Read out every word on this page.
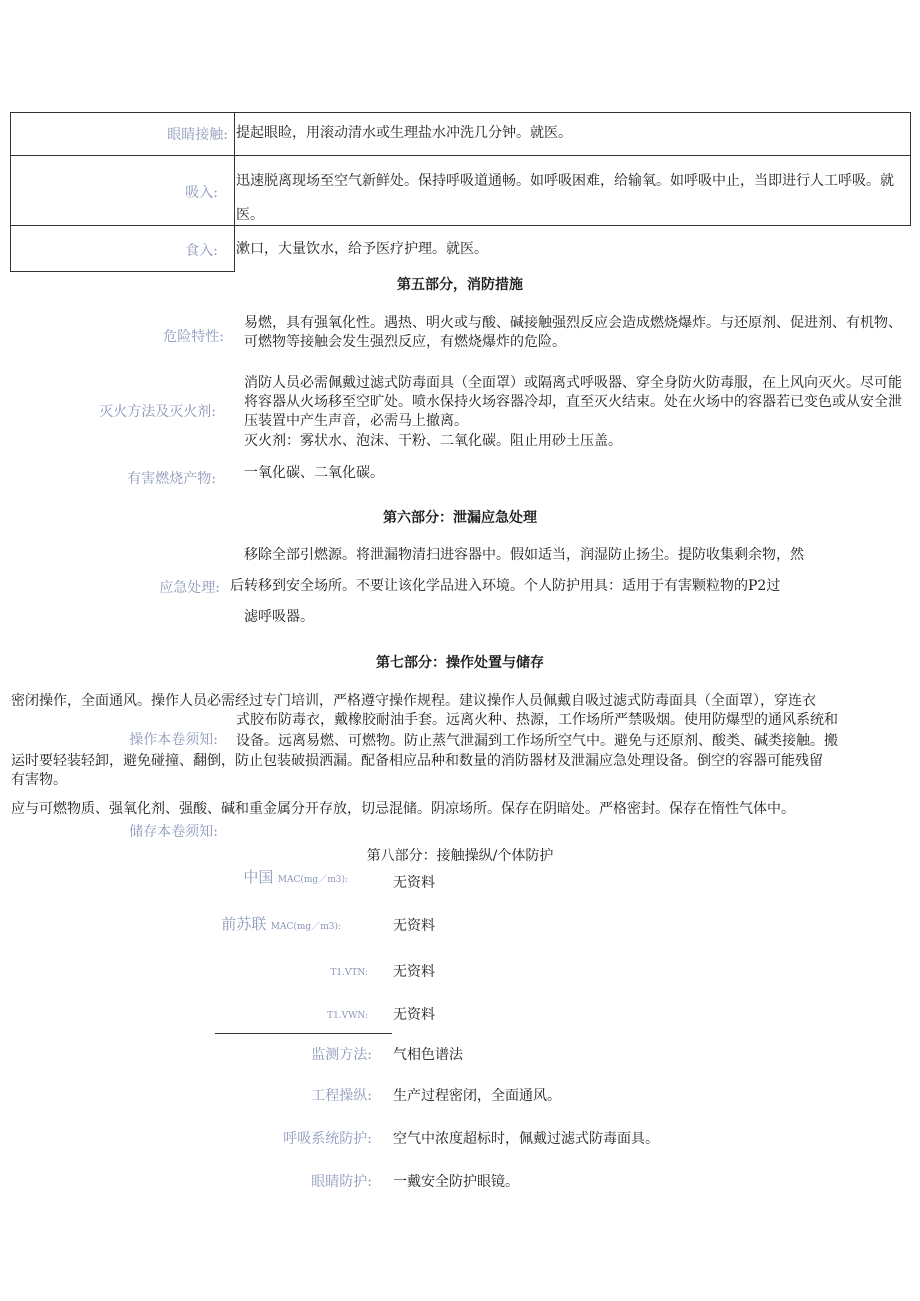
眼睛接触: 提起眼睑，用滚动清水或生理盐水冲洗几分钟。就医。
吸入:
迅速脱离现场至空气新鲜处。保持呼吸道通畅。如呼吸困难，给输氧。如呼吸中止，当即进行人工呼吸。就医。
食入: 漱口，大量饮水，给予医疗护理。就医。
第五部分，消防措施
危险特性:
易燃，具有强氧化性。遇热、明火或与酸、碱接触强烈反应会造成燃烧爆炸。与还原剂、促进剂、有机物、可燃物等接触会发生强烈反应，有燃烧爆炸的危险。
灭火方法及灭火剂:
消防人员必需佩戴过滤式防毒面具（全面罩）或隔离式呼吸器、穿全身防火防毒服，在上风向灭火。尽可能将容器从火场移至空旷处。喷水保持火场容器冷却，直至灭火结束。处在火场中的容器若已变色或从安全泄压装置中产生声音，必需马上撤离。
灭火剂：雾状水、泡沫、干粉、二氧化碳。阻止用砂土压盖。
有害燃烧产物: 一氧化碳、二氧化碳。
第六部分：泄漏应急处理
移除全部引燃源。将泄漏物清扫进容器中。假如适当，润湿防止扬尘。提防收集剩余物，然
应急处理: 后转移到安全场所。不要让该化学品进入环境。个人防护用具：适用于有害颗粒物的P2过
滤呼吸器。
第七部分：操作处置与储存
密闭操作，全面通风。操作人员必需经过专门培训，严格遵守操作规程。建议操作人员佩戴自吸过滤式防毒面具（全面罩），穿连衣
式胶布防毒衣，戴橡胶耐油手套。远离火种、热源，工作场所严禁吸烟。使用防爆型的通风系统和
操作本卷须知: 设备。远离易燃、可燃物。防止蒸气泄漏到工作场所空气中。避免与还原剂、酸类、碱类接触。搬
运时要轻装轻卸，避免碰撞、翻倒，防止包装破损洒漏。配备相应品种和数量的消防器材及泄漏应急处理设备。倒空的容器可能残留
有害物。
应与可燃物质、强氧化剂、强酸、碱和重金属分开存放，切忌混储。阴凉场所。保存在阴暗处。严格密封。保存在惰性气体中。
储存本卷须知:
第八部分：接触操纵/个体防护
中国 MAC(mg／m3):	无资料
前苏联 MAC(mg／m3):	无资料
T1.VTN: 无资料
T1.VWN: 无资料
监测方法: 气相色谱法
工程操纵: 生产过程密闭，全面通风。
呼吸系统防护: 空气中浓度超标时，佩戴过滤式防毒面具。
眼睛防护: 一戴安全防护眼镜。
